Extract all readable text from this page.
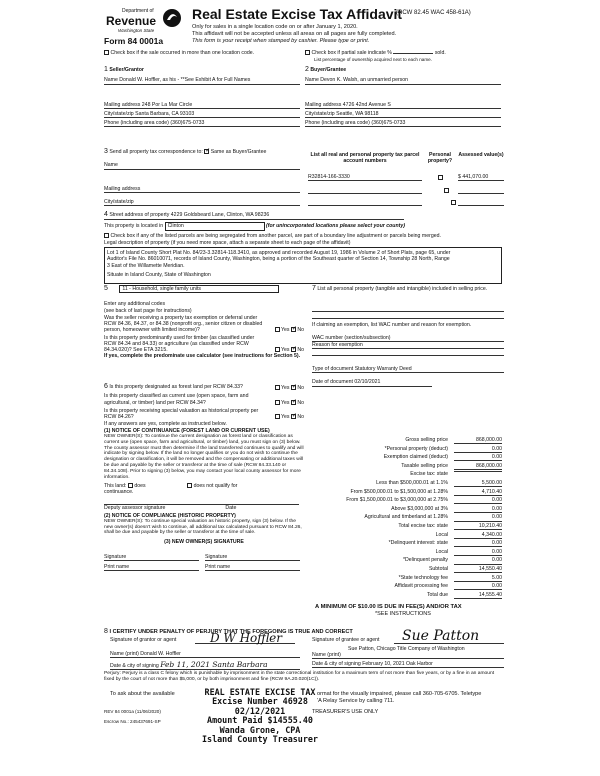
Department of
Revenue
Washington State
Form 84 0001a
Real Estate Excise Tax Affidavit
(RCW 82.45 WAC 458-61A)
Only for sales in a single location code on or after January 1, 2020.
This affidavit will not be accepted unless all areas on all pages are fully completed.
This form is your receipt when stamped by cashier. Please type or print.
Check box if the sale occurred in more than one location code.	Check box if partial sale indicate %	sold.
List percentage of ownership acquired next to each name.
1 Seller/Grantor
Name Donald W. Hoffler, as his - **See Exhibit A for Full Names
Mailing address 248 Por La Mar Circle
City/state/zip Santa Barbara, CA 93103
Phone (including area code) (360)675-0733
2 Buyer/Grantee
Name Devon K. Walsh, an unmarried person
Mailing address 4726 42nd Avenue S
City/state/zip Seattle, WA 98118
Phone (including area code) (360)675-0733
3 Send all property tax correspondence to: ✓ Same as Buyer/Grantee
Name
Mailing address
City/state/zip
List all real and personal property tax parcel account numbers
Personal property?
Assessed value(s)
R32814-166-3330
	$ 441,070.00

4 Street address of property 4229 Goldsbeard Lane, Clinton, WA 98236
This property is located in Clinton	(for unincorporated locations please select your county)
Check box if any of the listed parcels are being segregated from another parcel, are part of a boundary line adjustment or parcels being merged.
Legal description of property (if you need more space, attach a separate sheet to each page of the affidavit)
Lot 1 of Island County Short Plat No. 84/23-3.32814-118.3410, as approved and recorded August 19, 1986 in Volume 2 of Short Plats, page 65, under
Auditor's File No. 86010071, records of Island County, Washington, being a portion of the Southeast quarter of Section 14, Township 28 North, Range
3 East of the Willamette Meridian.
Situate in Island County, State of Washington
5	11 - Household, single family units
Enter any additional codes
(see back of last page for instructions)
Was the seller receiving a property tax exemption or deferral under RCW 84.36, 84.37, or 84.38 (nonprofit org., senior citizen or disabled person, homeowner with limited income)?	Yes ✓ No
Is this property predominantly used for timber (as classified under RCW 84.34 and 84.33) or agriculture (as classified under RCW 84.34.020)? See ETA 3215.	Yes ✓ No
If yes, complete the predominate use calculator (see instructions for Section 5).
6 Is this property designated as forest land per RCW 84.33?	Yes ✓ No
Is this property classified as current use (open space, farm and agricultural, or timber) land per RCW 84.34?	Yes ✓ No
Is this property receiving special valuation as historical property per RCW 84.26?	Yes ✓ No
If any answers are yes, complete as instructed below.
(1) NOTICE OF CONTINUANCE (FOREST LAND OR CURRENT USE)
NEW OWNER(S): To continue the current designation as forest land or classification as current use (open space, farm and agricultural, or timber) land, you must sign on (3) below. The county assessor must then determine if the land transferred continues to qualify and will indicate by signing below. If the land no longer qualifies or you do not wish to continue the designation or classification, it will be removed and the compensating or additional taxes will be due and payable by the seller or transferor at the time of sale (RCW 84.33.140 or 84.34.108). Prior to signing (3) below, you may contact your local county assessor for more information.
This land: does	does not qualify for
continuance.
Deputy assessor signature	Date
(2) NOTICE OF COMPLIANCE (HISTORIC PROPERTY)
NEW OWNER(S): To continue special valuation as historic property, sign (3) below. If the new owner(s) doesn't wish to continue, all additional tax calculated pursuant to RCW 84.26, shall be due and payable by the seller or transferor at the time of sale.
(3) NEW OWNER(S) SIGNATURE
Signature	Signature
Print name	Print name
7 List all personal property (tangible and intangible) included in selling price.
If claiming an exemption, list WAC number and reason for exemption.
WAC number (section/subsection)
Reason for exemption
Type of document Statutory Warranty Deed
Date of document 02/10/2021
Gross selling price	868,000.00
*Personal property (deduct)	0.00
Exemption claimed (deduct)	0.00
Taxable selling price	868,000.00
Excise tax: state
Less than $500,000.01 at 1.1%	5,500.00
From $500,000.01 to $1,500,000 at 1.28%	4,710.40
From $1,500,000.01 to $3,000,000 at 2.75%	0.00
Above $3,000,000 at 3%	0.00
Agricultural and timberland at 1.28%	0.00
Total excise tax: state	10,210.40
Local	4,340.00
*Delinquent interest: state	0.00
Local	0.00
*Delinquent penalty	0.00
Subtotal	14,550.40
*State technology fee	5.00
Affidavit processing fee	0.00
Total due	14,555.40
A MINIMUM OF $10.00 IS DUE IN FEE(S) AND/OR TAX
*SEE INSTRUCTIONS
8 I CERTIFY UNDER PENALTY OF PERJURY THAT THE FOREGOING IS TRUE AND CORRECT
Signature of grantor or agent	D W Hoffler	Signature of grantee or agent Sue Patton
Name (print) Donald W. Hoffler
Sue Patton, Chicago Title Company of Washington
Name (print)
Date & city of signing Feb 11, 2021 Santa Barbara	Date & city of signing February 10, 2021 Oak Harbor
Perjury: Perjury is a class C felony which is punishable by imprisonment in the state correctional institution for a maximum term of not more than five years, or by a fine in an amount fixed by the court of not more than $5,000, or by both imprisonment and fine (RCW 9A.20.020(1C)).
To ask about the available	ormat for the visually impaired, please call 360-705-6705. Teletype
'A Relay Service by calling 711.
REV 84 0001a (11/06/2020)	TREASURER'S USE ONLY
Escrow No.: 245437691-SP
REAL ESTATE EXCISE TAX
Excise Number 46928
02/12/2021
Amount Paid $14555.40
Wanda Grone, CPA
Island County Treasurer
